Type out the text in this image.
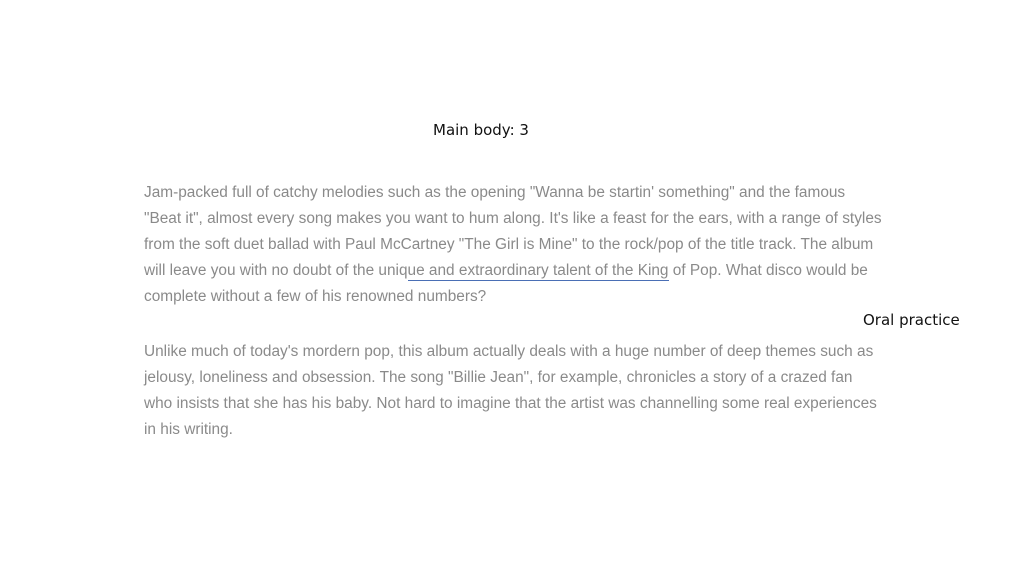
Main body: 3
Jam-packed full of catchy melodies such as the opening "Wanna be startin' something" and the famous
"Beat it", almost every song makes you want to hum along. It's like a feast for the ears, with a range of styles
from the soft duet ballad with Paul McCartney "The Girl is Mine" to the rock/pop of the title track. The album
will leave you with no doubt of the unique and extraordinary talent of the King of Pop. What disco would be
complete without a few of his renowned numbers?
Oral practice
Unlike much of today's mordern pop, this album actually deals with a huge number of deep themes such as
jelousy, loneliness and obsession. The song "Billie Jean", for example, chronicles a story of a crazed fan
who insists that she has his baby. Not hard to imagine that the artist was channelling some real experiences
in his writing.
